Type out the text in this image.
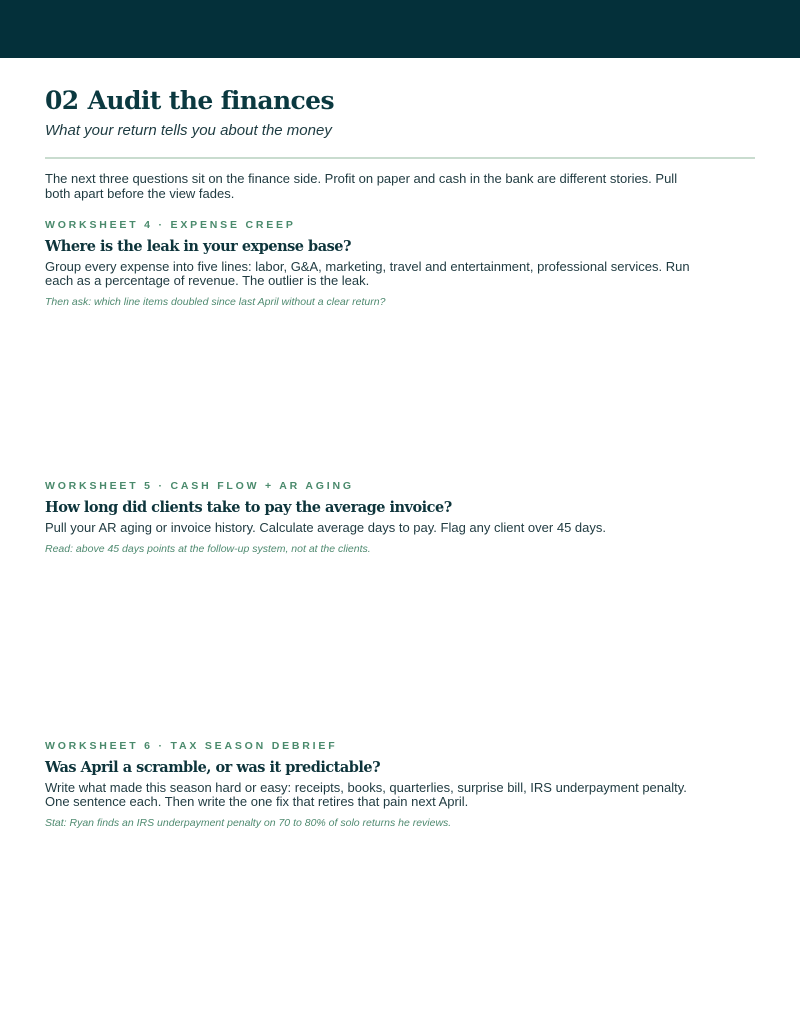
02 Audit the finances
What your return tells you about the money

The next three questions sit on the finance side. Profit on paper and cash in the bank are different stories. Pull both apart before the view fades.

WORKSHEET 4 · EXPENSE CREEP
Where is the leak in your expense base?

Group every expense into five lines: labor, G&A, marketing, travel and entertainment, professional services. Run each as a percentage of revenue. The outlier is the leak.

Then ask: which line items doubled since last April without a clear return?

WORKSHEET 5 · CASH FLOW + AR AGING
How long did clients take to pay the average invoice?

Pull your AR aging or invoice history. Calculate average days to pay. Flag any client over 45 days.

Read: above 45 days points at the follow-up system, not at the clients.

WORKSHEET 6 · TAX SEASON DEBRIEF
Was April a scramble, or was it predictable?

Write what made this season hard or easy: receipts, books, quarterlies, surprise bill, IRS underpayment penalty. One sentence each. Then write the one fix that retires that pain next April.

Stat: Ryan finds an IRS underpayment penalty on 70 to 80% of solo returns he reviews.
